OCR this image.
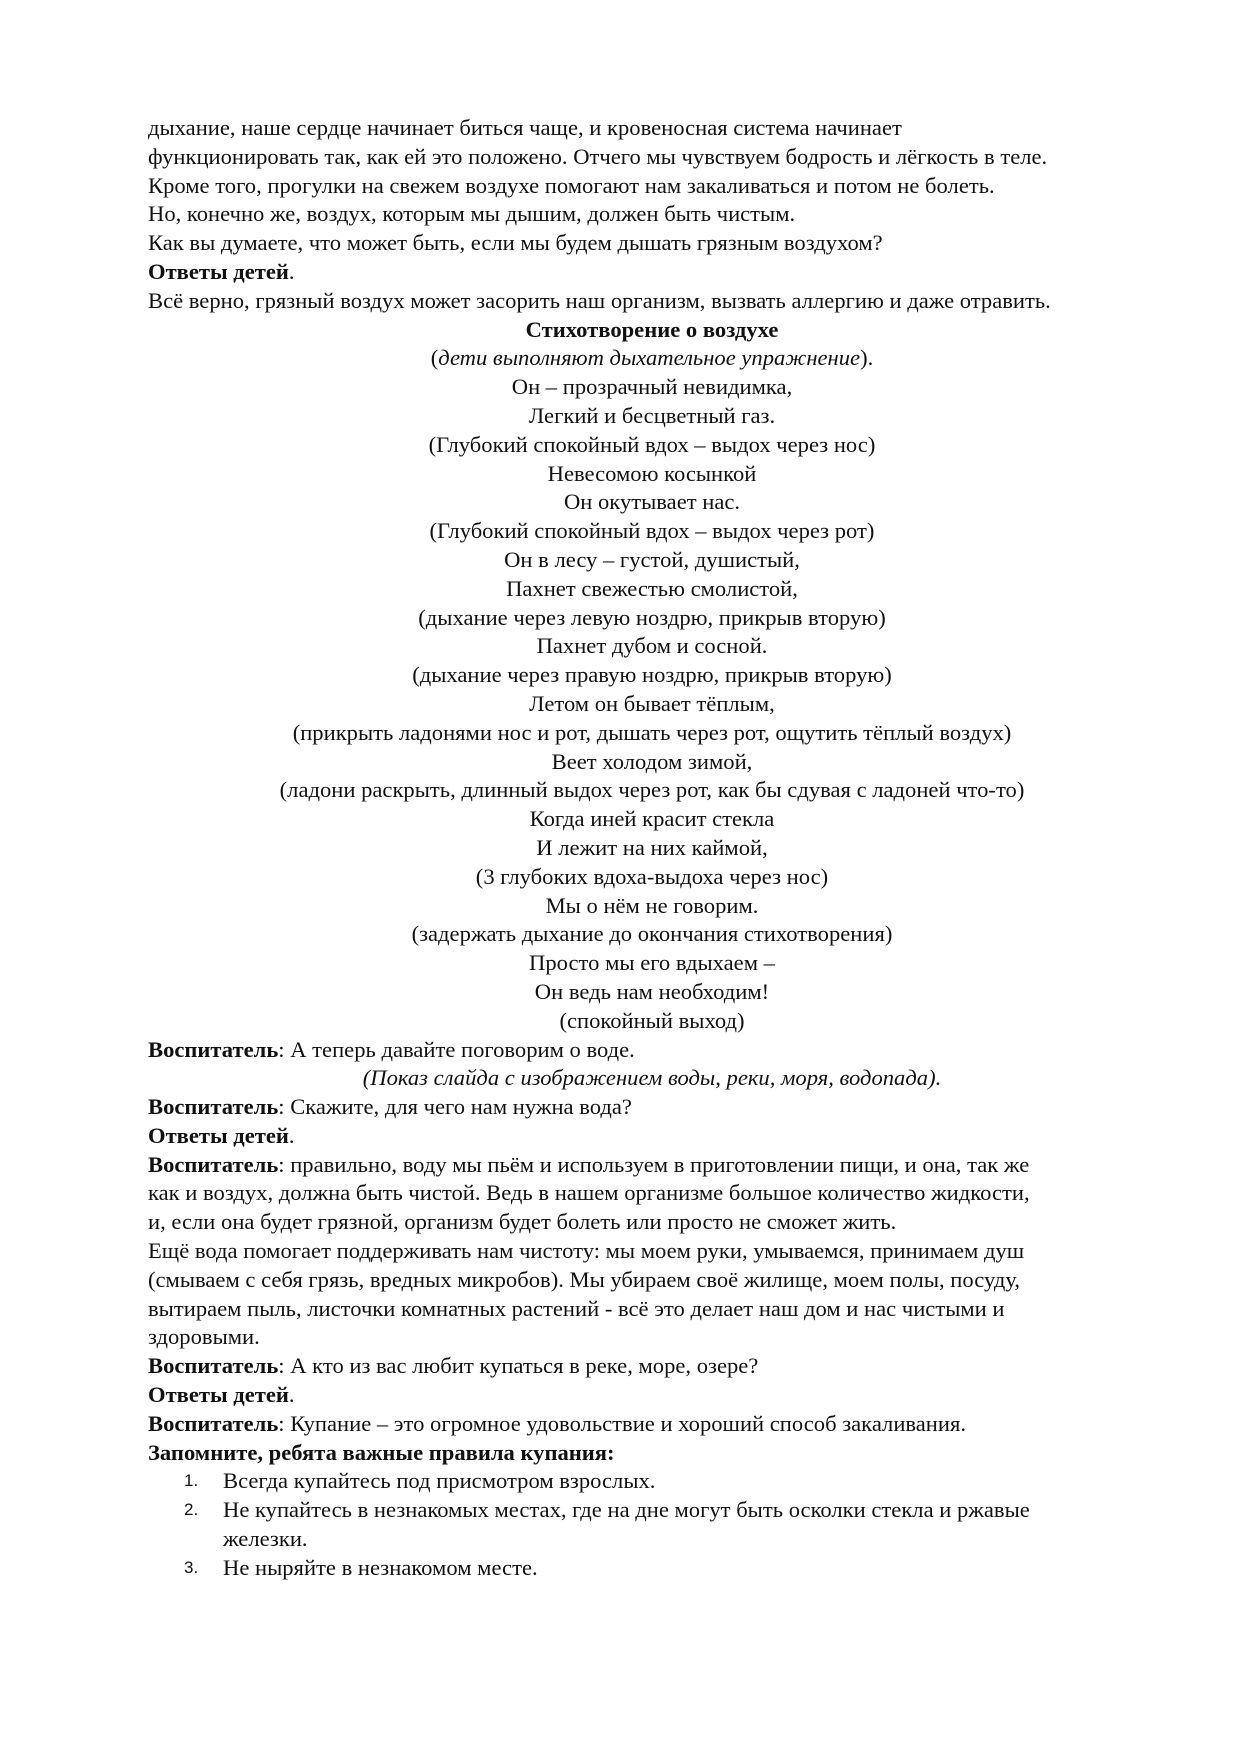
дыхание, наше сердце начинает биться чаще, и кровеносная система начинает

функционировать так, как ей это положено. Отчего мы чувствуем бодрость и лёгкость в теле.

Кроме того, прогулки на свежем воздухе помогают нам закаливаться и потом не болеть.

Но, конечно же, воздух, которым мы дышим, должен быть чистым.

Как вы думаете, что может быть, если мы будем дышать грязным воздухом?

Ответы детей.

Всё верно, грязный воздух может засорить наш организм, вызвать аллергию и даже отравить.

Стихотворение о воздухе

(дети выполняют дыхательное упражнение).

Он – прозрачный невидимка,

Легкий и бесцветный газ.

(Глубокий спокойный вдох – выдох через нос)

Невесомою косынкой

Он окутывает нас.

(Глубокий спокойный вдох – выдох через рот)

Он в лесу – густой, душистый,

Пахнет свежестью смолистой,

(дыхание через левую ноздрю, прикрыв вторую)

Пахнет дубом и сосной.

(дыхание через правую ноздрю, прикрыв вторую)

Летом он бывает тёплым,

(прикрыть ладонями нос и рот, дышать через рот, ощутить тёплый воздух)

Веет холодом зимой,

(ладони раскрыть, длинный выдох через рот, как бы сдувая с ладоней что-то)

Когда иней красит стекла

И лежит на них каймой,

(3 глубоких вдоха-выдоха через нос)

Мы о нём не говорим.

(задержать дыхание до окончания стихотворения)

Просто мы его вдыхаем –

Он ведь нам необходим!

(спокойный выход)

Воспитатель: А теперь давайте поговорим о воде.

(Показ слайда с изображением воды, реки, моря, водопада).

Воспитатель: Скажите, для чего нам нужна вода?

Ответы детей.

Воспитатель: правильно, воду мы пьём и используем в приготовлении пищи, и она, так же

как и воздух, должна быть чистой. Ведь в нашем организме большое количество жидкости,

и, если она будет грязной, организм будет болеть или просто не сможет жить.

Ещё вода помогает поддерживать нам чистоту: мы моем руки, умываемся, принимаем душ

(смываем с себя грязь, вредных микробов). Мы убираем своё жилище, моем полы, посуду,

вытираем пыль, листочки комнатных растений - всё это делает наш дом и нас чистыми и

здоровыми.

Воспитатель: А кто из вас любит купаться в реке, море, озере?

Ответы детей.

Воспитатель: Купание – это огромное удовольствие и хороший способ закаливания.

Запомните, ребята важные правила купания:

1. Всегда купайтесь под присмотром взрослых.
2. Не купайтесь в незнакомых местах, где на дне могут быть осколки стекла и ржавые
железки.
3. Не ныряйте в незнакомом месте.
